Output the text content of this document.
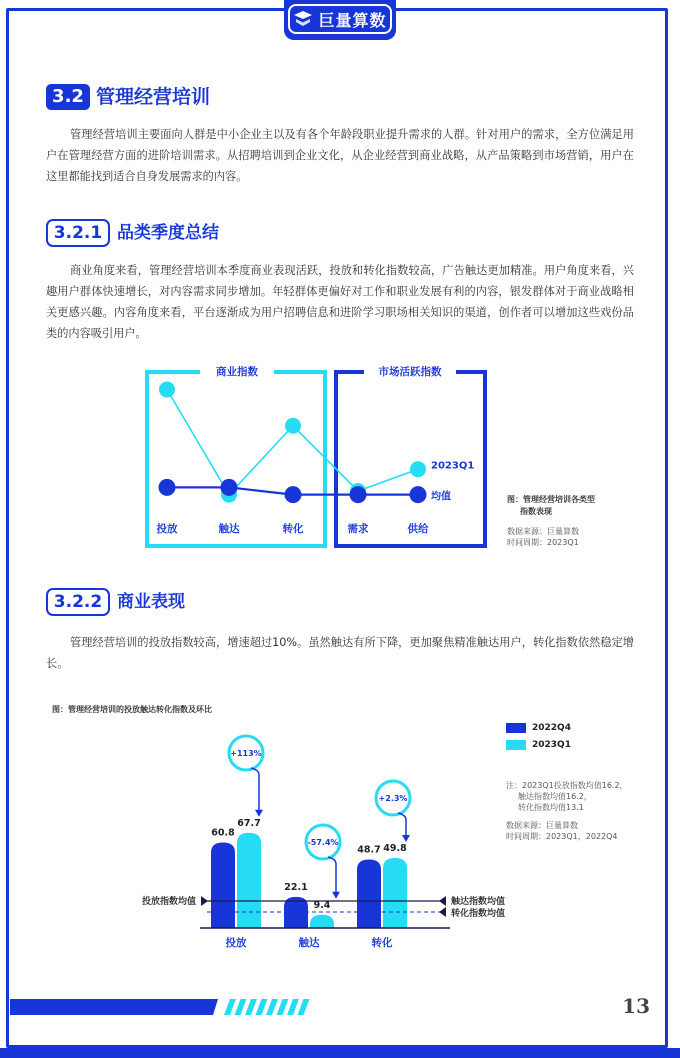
巨量算数
3.2 管理经营培训
管理经营培训主要面向人群是中小企业主以及有各个年龄段职业提升需求的人群。针对用户的需求，全方位满足用户在管理经营方面的进阶培训需求。从招聘培训到企业文化，从企业经营到商业战略，从产品策略到市场营销，用户在这里都能找到适合自身发展需求的内容。
3.2.1 品类季度总结
商业角度来看，管理经营培训本季度商业表现活跃，投放和转化指数较高，广告触达更加精准。用户角度来看，兴趣用户群体快速增长，对内容需求同步增加。年轻群体更偏好对工作和职业发展有利的内容，银发群体对于商业战略相关更感兴趣。内容角度来看，平台逐渐成为用户招聘信息和进阶学习职场相关知识的渠道，创作者可以增加这些戏份品类的内容吸引用户。
商业指数	市场活跃指数
投放	触达	转化	需求	供给
2023Q1
均值	图：管理经营培训各类型
指数表现
数据来源：巨量算数
时间周期：2023Q1
3.2.2 商业表现
管理经营培训的投放指数较高，增速超过10%。虽然触达有所下降，更加聚焦精准触达用户，转化指数依然稳定增长。
图：管理经营培训的投放触达转化指数及环比
2022Q4
2023Q1
注：2023Q1投放指数均值16.2，
触达指数均值16.2，
转化指数均值13.1
数据来源：巨量算数
时间周期：2023Q1，2022Q4
+113%
-57.4%
+2.3%
60.8
67.7
22.1
9.4
48.7 49.8
投放	触达	转化
投放指数均值	触达指数均值
转化指数均值
13
